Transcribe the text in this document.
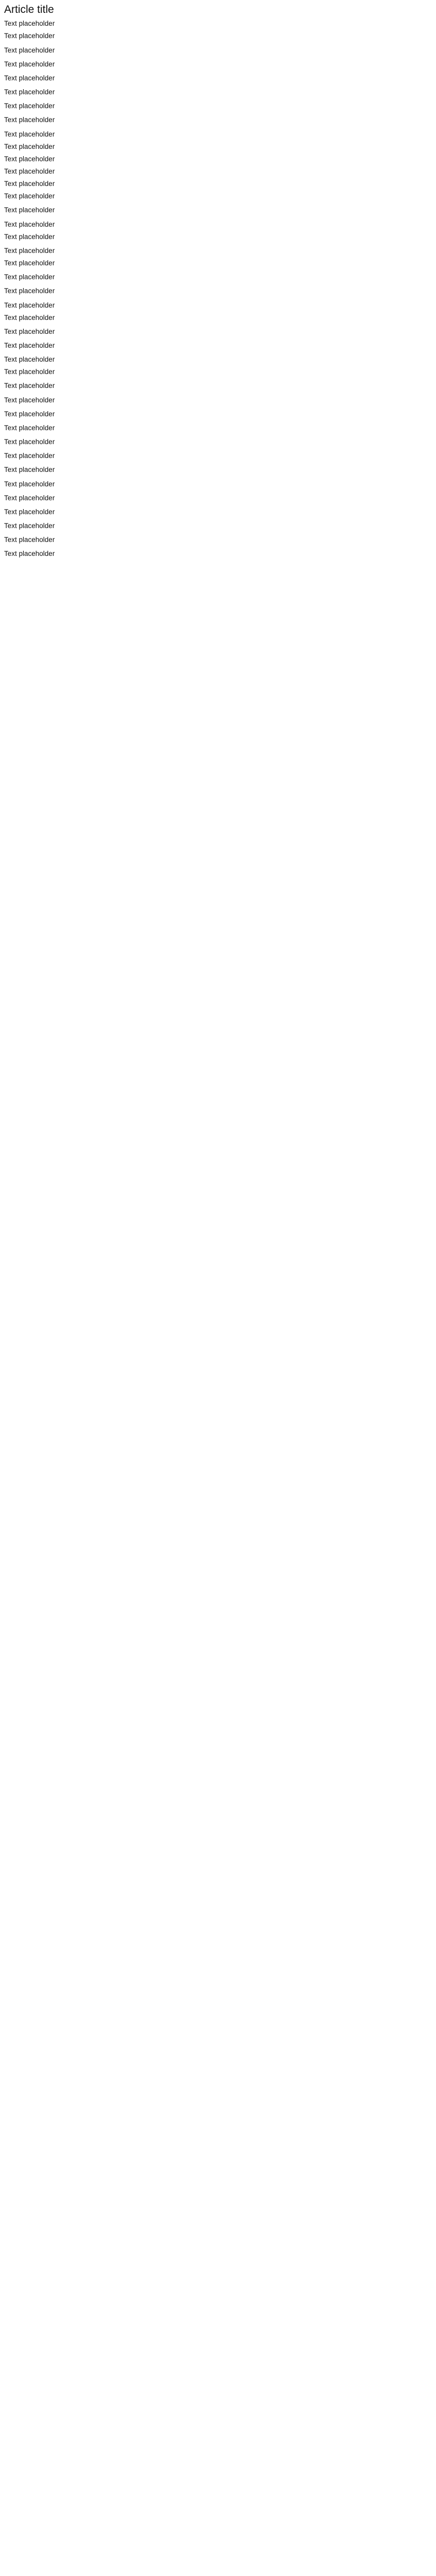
Article title
Text placeholder
Text placeholder
Text placeholder
Text placeholder
Text placeholder
Text placeholder
Text placeholder
Text placeholder
Text placeholder
Text placeholder
Text placeholder
Text placeholder
Text placeholder
Text placeholder
Text placeholder
Text placeholder
Text placeholder
Text placeholder
Text placeholder
Text placeholder
Text placeholder
Text placeholder
Text placeholder
Text placeholder
Text placeholder
Text placeholder
Text placeholder
Text placeholder
Text placeholder
Text placeholder
Text placeholder
Text placeholder
Text placeholder
Text placeholder
Text placeholder
Text placeholder
Text placeholder
Text placeholder
Text placeholder
Text placeholder
